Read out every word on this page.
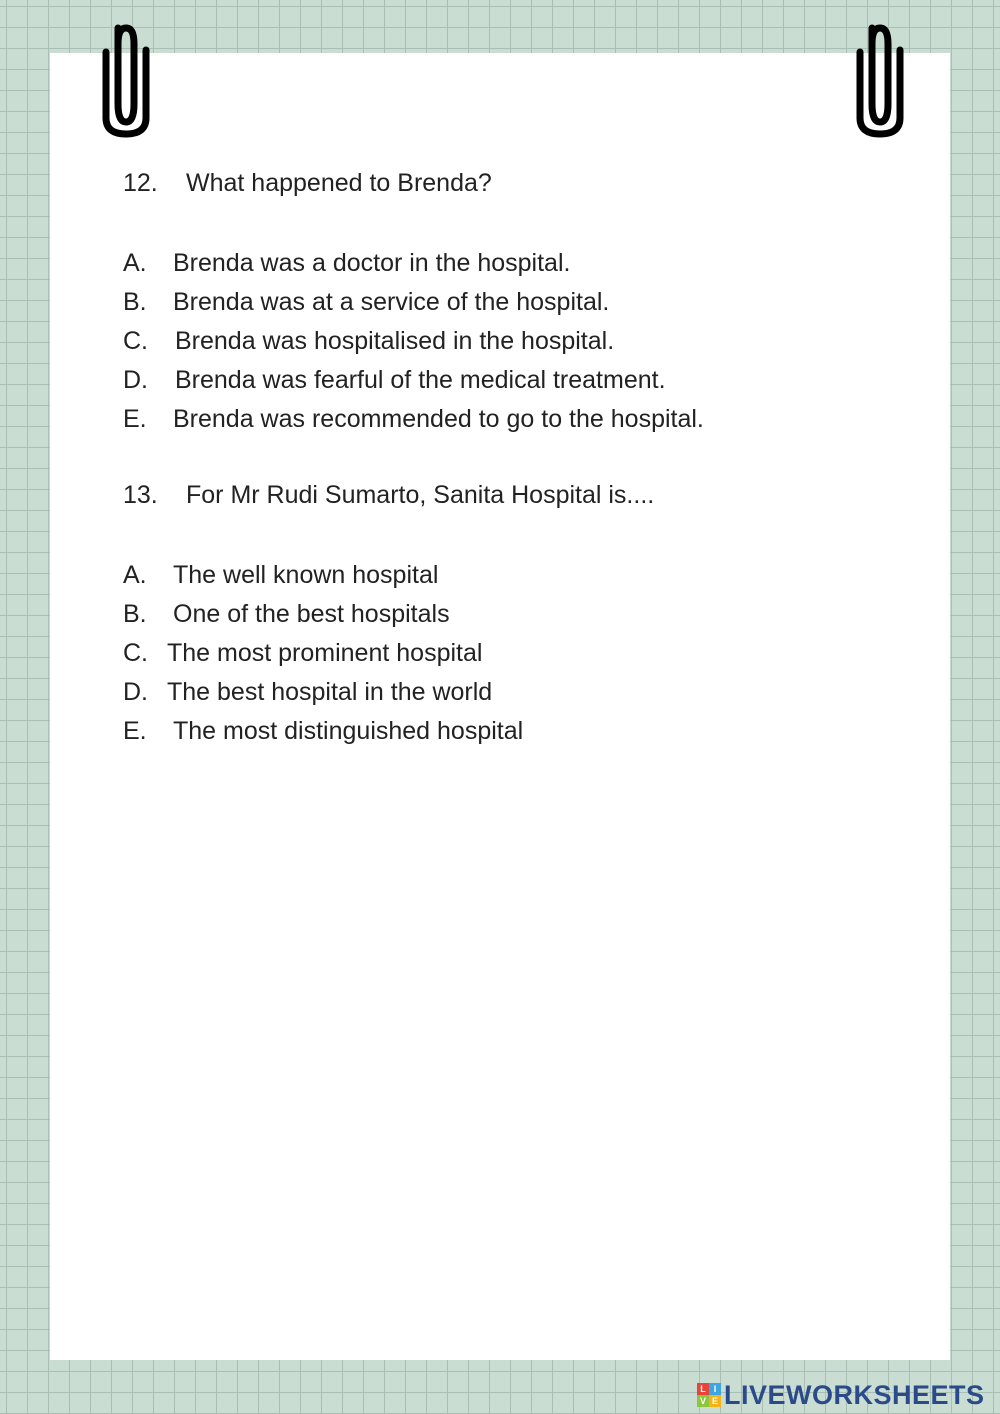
12.	What happened to Brenda?
A.	Brenda was a doctor in the hospital.
B.	Brenda was at a service of the hospital.
C.	Brenda was hospitalised in the hospital.
D.	Brenda was fearful of the medical treatment.
E.	Brenda was recommended to go to the hospital.
13.	For Mr Rudi Sumarto, Sanita Hospital is....
A.	The well known hospital
B.	One of the best hospitals
C. The most prominent hospital
D. The best hospital in the world
E.	The most distinguished hospital
L I
V E LIVEWORKSHEETS
